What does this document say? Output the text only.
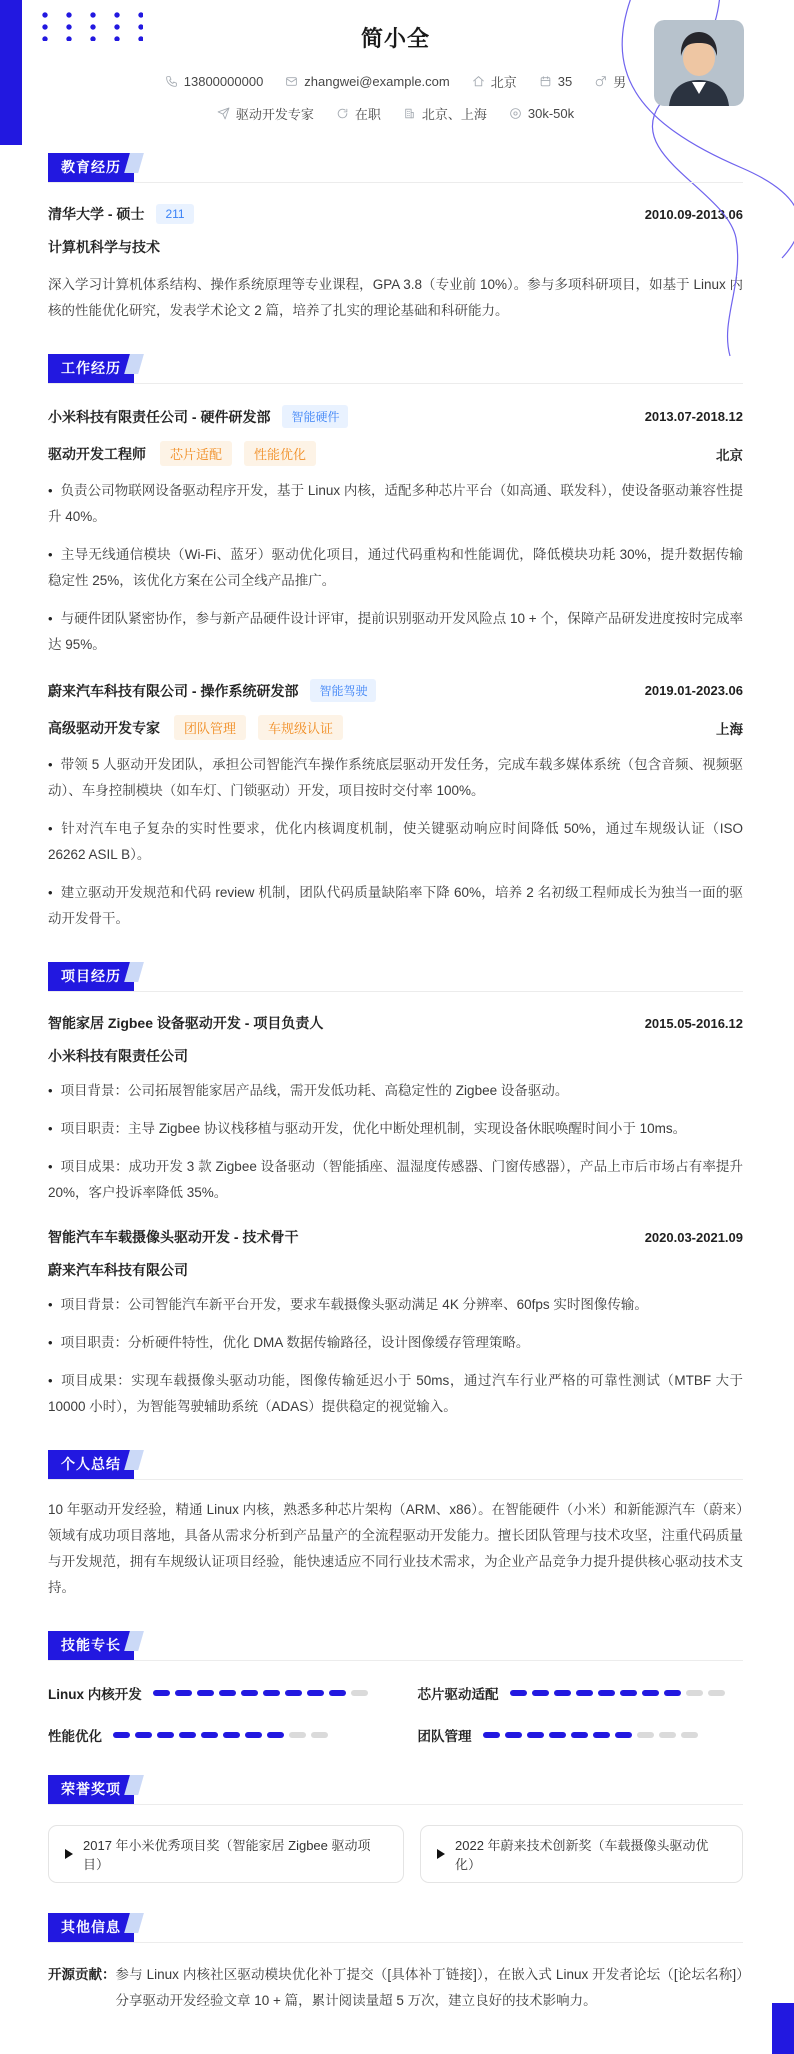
简小全
13800000000	zhangwei@example.com	北京	35	男
驱动开发专家	在职	北京、上海	30k-50k
教育经历
清华大学 - 硕士	211	2010.09-2013.06
计算机科学与技术

深入学习计算机体系结构、操作系统原理等专业课程，GPA 3.8（专业前 10%）。参与多项科研项目，如基于 Linux 内核的性能优化研究，发表学术论文 2 篇，培养了扎实的理论基础和科研能力。

工作经历
小米科技有限责任公司 - 硬件研发部	智能硬件	2013.07-2018.12
驱动开发工程师	芯片适配	性能优化	北京

• 负责公司物联网设备驱动程序开发，基于 Linux 内核，适配多种芯片平台（如高通、联发科），使设备驱动兼容性提升 40%。

• 主导无线通信模块（Wi-Fi、蓝牙）驱动优化项目，通过代码重构和性能调优，降低模块功耗 30%，提升数据传输稳定性 25%，该优化方案在公司全线产品推广。

• 与硬件团队紧密协作，参与新产品硬件设计评审，提前识别驱动开发风险点 10 + 个，保障产品研发进度按时完成率达 95%。

蔚来汽车科技有限公司 - 操作系统研发部	智能驾驶	2019.01-2023.06
高级驱动开发专家	团队管理	车规级认证	上海

• 带领 5 人驱动开发团队，承担公司智能汽车操作系统底层驱动开发任务，完成车载多媒体系统（包含音频、视频驱动）、车身控制模块（如车灯、门锁驱动）开发，项目按时交付率 100%。

• 针对汽车电子复杂的实时性要求，优化内核调度机制，使关键驱动响应时间降低 50%，通过车规级认证（ISO 26262 ASIL B）。

• 建立驱动开发规范和代码 review 机制，团队代码质量缺陷率下降 60%，培养 2 名初级工程师成长为独当一面的驱动开发骨干。

项目经历
智能家居 Zigbee 设备驱动开发 - 项目负责人	2015.05-2016.12
小米科技有限责任公司

• 项目背景：公司拓展智能家居产品线，需开发低功耗、高稳定性的 Zigbee 设备驱动。

• 项目职责：主导 Zigbee 协议栈移植与驱动开发，优化中断处理机制，实现设备休眠唤醒时间小于 10ms。

• 项目成果：成功开发 3 款 Zigbee 设备驱动（智能插座、温湿度传感器、门窗传感器），产品上市后市场占有率提升 20%，客户投诉率降低 35%。

智能汽车车载摄像头驱动开发 - 技术骨干	2020.03-2021.09
蔚来汽车科技有限公司

• 项目背景：公司智能汽车新平台开发，要求车载摄像头驱动满足 4K 分辨率、60fps 实时图像传输。

• 项目职责：分析硬件特性，优化 DMA 数据传输路径，设计图像缓存管理策略。

• 项目成果：实现车载摄像头驱动功能，图像传输延迟小于 50ms，通过汽车行业严格的可靠性测试（MTBF 大于 10000 小时），为智能驾驶辅助系统（ADAS）提供稳定的视觉输入。

个人总结

10 年驱动开发经验，精通 Linux 内核，熟悉多种芯片架构（ARM、x86）。在智能硬件（小米）和新能源汽车（蔚来）领域有成功项目落地，具备从需求分析到产品量产的全流程驱动开发能力。擅长团队管理与技术攻坚，注重代码质量与开发规范，拥有车规级认证项目经验，能快速适应不同行业技术需求，为企业产品竞争力提升提供核心驱动技术支持。

技能专长
Linux 内核开发	芯片驱动适配
性能优化	团队管理
荣誉奖项
2017 年小米优秀项目奖（智能家居 Zigbee 驱动项目）
2022 年蔚来技术创新奖（车载摄像头驱动优化）
其他信息
开源贡献： 参与 Linux 内核社区驱动模块优化补丁提交（[具体补丁链接]），在嵌入式 Linux 开发者论坛（[论坛名称]）分享驱动开发经验文章 10 + 篇，累计阅读量超 5 万次，建立良好的技术影响力。
